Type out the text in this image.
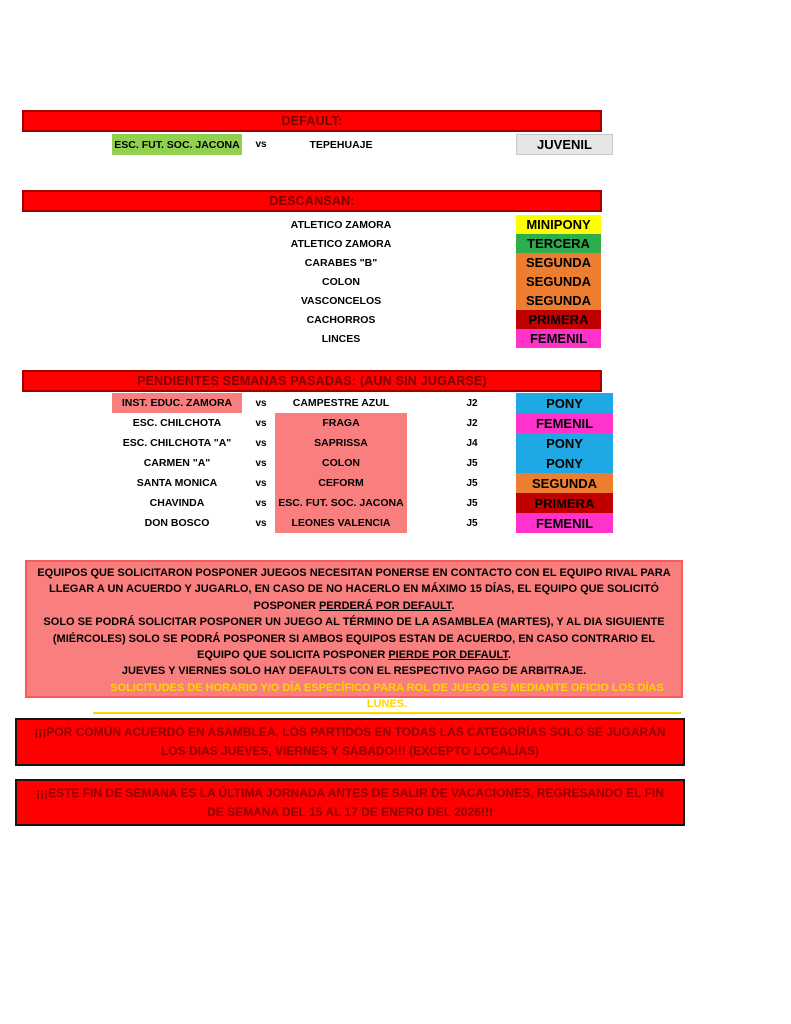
DEFAULT:
ESC. FUT. SOC. JACONA	vs	TEPEHUAJE	JUVENIL
DESCANSAN:
ATLETICO ZAMORA	MINIPONY
ATLETICO ZAMORA	TERCERA
CARABES "B"	SEGUNDA
COLON	SEGUNDA
VASCONCELOS	SEGUNDA
CACHORROS	PRIMERA
LINCES	FEMENIL
PENDIENTES SEMANAS PASADAS: (AUN SIN JUGARSE)
INST. EDUC. ZAMORA	vs	CAMPESTRE AZUL	J2	PONY
ESC. CHILCHOTA	vs	FRAGA	J2	FEMENIL
ESC. CHILCHOTA "A"	vs	SAPRISSA	J4	PONY
CARMEN "A"	vs	COLON	J5	PONY
SANTA MONICA	vs	CEFORM	J5	SEGUNDA
CHAVINDA	vs	ESC. FUT. SOC. JACONA	J5	PRIMERA
DON BOSCO	vs	LEONES VALENCIA	J5	FEMENIL

EQUIPOS QUE SOLICITARON POSPONER JUEGOS NECESITAN PONERSE EN CONTACTO CON EL EQUIPO RIVAL PARA LLEGAR A UN ACUERDO Y JUGARLO, EN CASO DE NO HACERLO EN MÁXIMO 15 DÍAS, EL EQUIPO QUE SOLICITÓ POSPONER PERDERÁ POR DEFAULT.

SOLO SE PODRÁ SOLICITAR POSPONER UN JUEGO AL TÉRMINO DE LA ASAMBLEA (MARTES), Y AL DIA SIGUIENTE (MIÉRCOLES) SOLO SE PODRÁ POSPONER SI AMBOS EQUIPOS ESTAN DE ACUERDO, EN CASO CONTRARIO EL EQUIPO QUE SOLICITA POSPONER PIERDE POR DEFAULT.

JUEVES Y VIERNES SOLO HAY DEFAULTS CON EL RESPECTIVO PAGO DE ARBITRAJE.

SOLICITUDES DE HORARIO Y/O DÍA ESPECÍFICO PARA ROL DE JUEGO ES MEDIANTE OFICIO LOS DÍAS LUNES.

¡¡¡POR COMÚN ACUERDO EN ASAMBLEA, LOS PARTIDOS EN TODAS LAS CATEGORÍAS SOLO SE JUGARÁN LOS DIAS JUEVES, VIERNES Y SÁBADO!!! (EXCEPTO LOCALÍAS)
¡¡¡ESTE FIN DE SEMANA ES LA ÚLTIMA JORNADA ANTES DE SALIR DE VACACIONES, REGRESANDO EL FIN DE SEMANA DEL 15 AL 17 DE ENERO DEL 2026!!!
